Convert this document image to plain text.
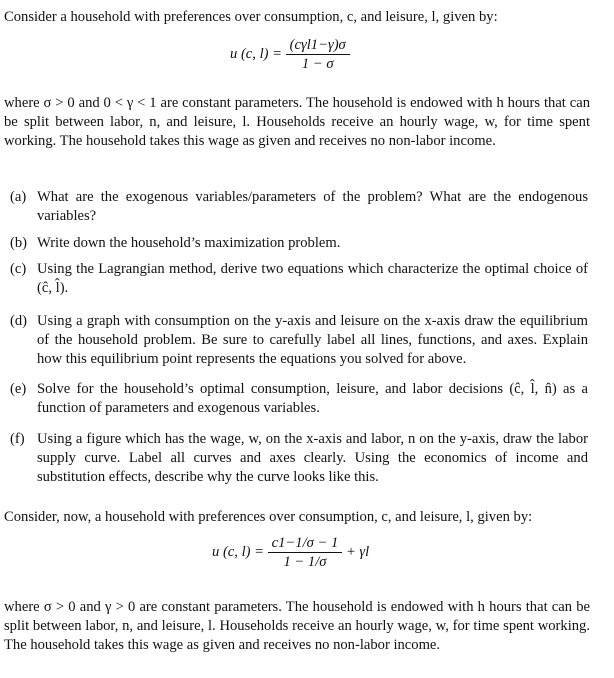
Consider a household with preferences over consumption, c, and leisure, l, given by:
u (c, $l) = \frac{\text{(cγl1−γ)σ}}{1 - \sigma}$
where σ > 0 and 0 < γ < 1 are constant parameters. The household is endowed with h hours that can be split between labor, n, and leisure, l. Households receive an hourly wage, w, for time spent working. The household takes this wage as given and receives no non-labor income.
(a) What are the exogenous variables/parameters of the problem? What are the endogenous variables?
(b) Write down the household’s maximization problem.
(c) Using the Lagrangian method, derive two equations which characterize the optimal choice of (ĉ, l̂).
(d) Using a graph with consumption on the y-axis and leisure on the x-axis draw the equilibrium of the household problem. Be sure to carefully label all lines, functions, and axes. Explain how this equilibrium point represents the equations you solved for above.
(e) Solve for the household’s optimal consumption, leisure, and labor decisions (ĉ, l̂, n̂) as a function of parameters and exogenous variables.
(f) Using a figure which has the wage, w, on the x-axis and labor, n on the y-axis, draw the labor supply curve. Label all curves and axes clearly. Using the economics of income and substitution effects, describe why the curve looks like this.
Consider, now, a household with preferences over consumption, c, and leisure, l, given by:
u (c, $l) = \frac{c1-1/\sigma - 1}{1 - 1/\sigma} + \gamma l$
where σ > 0 and γ > 0 are constant parameters. The household is endowed with h hours that can be split between labor, n, and leisure, l. Households receive an hourly wage, w, for time spent working. The household takes this wage as given and receives no non-labor income.
